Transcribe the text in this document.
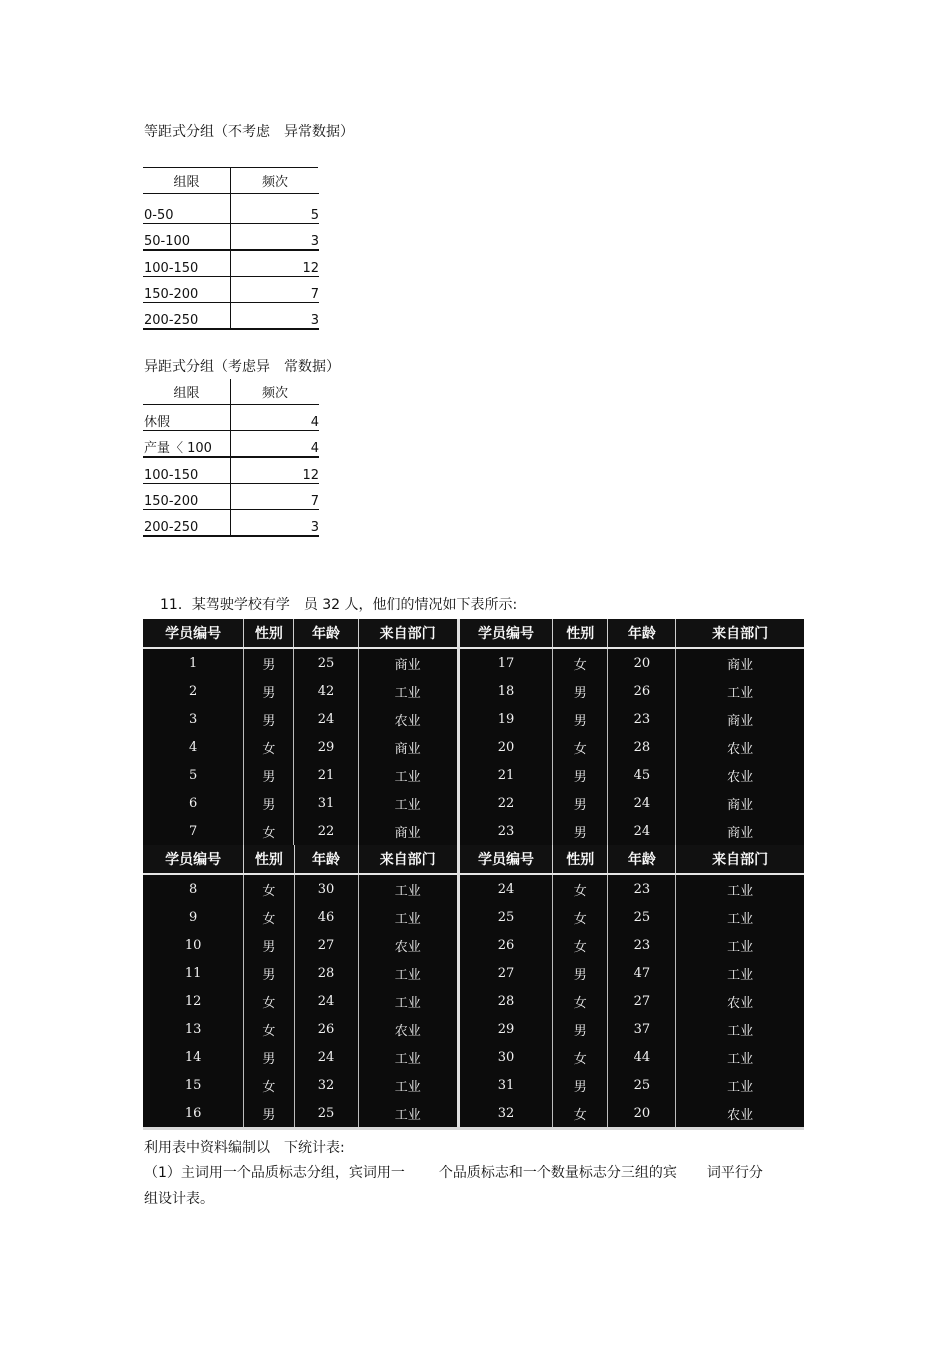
等距式分组（不考虑 异常数据）
组限	频次
0-50	5
50-100	3
100-150	12
150-200	7
200-250	3
异距式分组（考虑异 常数据）
组限	频次
休假	4
产量〈 100	4
100-150	12
150-200	7
200-250	3
11．某驾驶学校有学 员 32 人，他们的情况如下表所示:
学员编号	性别	年龄	来自部门	学员编号	性别	年龄	来自部门
1	男	25	商业	17	女	20	商业
2	男	42	工业	18	男	26	工业
3	男	24	农业	19	男	23	商业
4	女	29	商业	20	女	28	农业
5	男	21	工业	21	男	45	农业
6	男	31	工业	22	男	24	商业
7	女	22	商业	23	男	24	商业
学员编号	性别	年龄	来自部门	学员编号	性别	年龄	来自部门
8	女	30	工业	24	女	23	工业
9	女	46	工业	25	女	25	工业
10	男	27	农业	26	女	23	工业
11	男	28	工业	27	男	47	工业
12	女	24	工业	28	女	27	农业
13	女	26	农业	29	男	37	工业
14	男	24	工业	30	女	44	工业
15	女	32	工业	31	男	25	工业
16	男	25	工业	32	女	20	农业
利用表中资料编制以 下统计表:
（1）主词用一个品质标志分组，宾词用一 个品质标志和一个数量标志分三组的宾 词平行分
组设计表。
